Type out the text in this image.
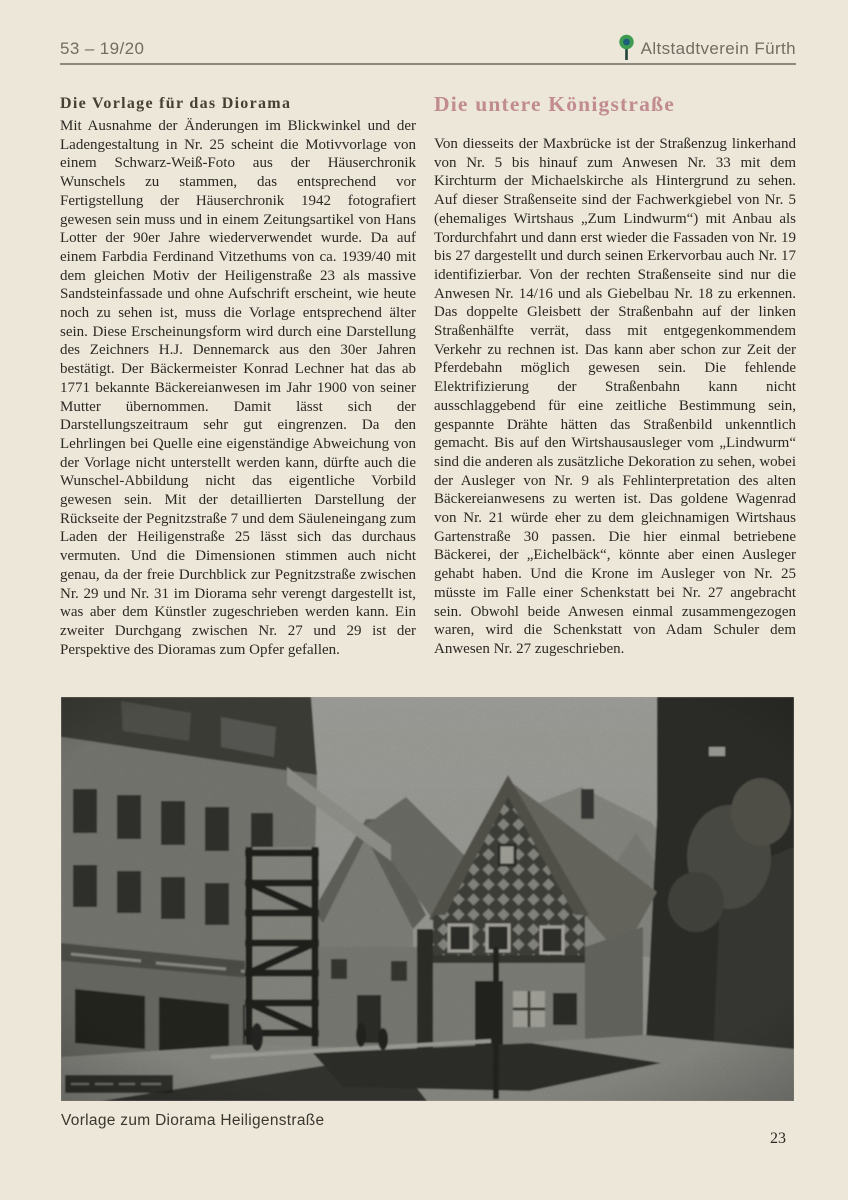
53 – 19/20	Altstadtverein Fürth
Die Vorlage für das Diorama

Mit Ausnahme der Änderungen im Blickwinkel und der Ladengestaltung in Nr. 25 scheint die Motivvorlage von einem Schwarz-Weiß-Foto aus der Häuserchronik Wunschels zu stammen, das entsprechend vor Fertigstellung der Häuserchronik 1942 fotografiert gewesen sein muss und in einem Zeitungsartikel von Hans Lotter der 90er Jahre wiederverwendet wurde. Da auf einem Farbdia Ferdinand Vitzethums von ca. 1939/40 mit dem gleichen Motiv der Heiligenstraße 23 als massive Sandsteinfassade und ohne Aufschrift erscheint, wie heute noch zu sehen ist, muss die Vorlage entsprechend älter sein. Diese Erscheinungsform wird durch eine Darstellung des Zeichners H.J. Dennemarck aus den 30er Jahren bestätigt. Der Bäckermeister Konrad Lechner hat das ab 1771 bekannte Bäckereianwesen im Jahr 1900 von seiner Mutter übernommen. Damit lässt sich der Darstellungszeitraum sehr gut eingrenzen. Da den Lehrlingen bei Quelle eine eigenständige Abweichung von der Vorlage nicht unterstellt werden kann, dürfte auch die Wunschel-Abbildung nicht das eigentliche Vorbild gewesen sein. Mit der detaillierten Darstellung der Rückseite der Pegnitzstraße 7 und dem Säuleneingang zum Laden der Heiligenstraße 25 lässt sich das durchaus vermuten. Und die Dimensionen stimmen auch nicht genau, da der freie Durchblick zur Pegnitzstraße zwischen Nr. 29 und Nr. 31 im Diorama sehr verengt dargestellt ist, was aber dem Künstler zugeschrieben werden kann. Ein zweiter Durchgang zwischen Nr. 27 und 29 ist der Perspektive des Dioramas zum Opfer gefallen.

Die untere Königstraße

Von diesseits der Maxbrücke ist der Straßenzug linkerhand von Nr. 5 bis hinauf zum Anwesen Nr. 33 mit dem Kirchturm der Michaelskirche als Hintergrund zu sehen. Auf dieser Straßenseite sind der Fachwerkgiebel von Nr. 5 (ehemaliges Wirtshaus „Zum Lindwurm“) mit Anbau als Tordurchfahrt und dann erst wieder die Fassaden von Nr. 19 bis 27 dargestellt und durch seinen Erkervorbau auch Nr. 17 identifizierbar. Von der rechten Straßenseite sind nur die Anwesen Nr. 14/16 und als Giebelbau Nr. 18 zu erkennen. Das doppelte Gleisbett der Straßenbahn auf der linken Straßenhälfte verrät, dass mit entgegenkommendem Verkehr zu rechnen ist. Das kann aber schon zur Zeit der Pferdebahn möglich gewesen sein. Die fehlende Elektrifizierung der Straßenbahn kann nicht ausschlaggebend für eine zeitliche Bestimmung sein, gespannte Drähte hätten das Straßenbild unkenntlich gemacht. Bis auf den Wirtshausausleger vom „Lindwurm“ sind die anderen als zusätzliche Dekoration zu sehen, wobei der Ausleger von Nr. 9 als Fehlinterpretation des alten Bäckereianwesens zu werten ist. Das goldene Wagenrad von Nr. 21 würde eher zu dem gleichnamigen Wirtshaus Gartenstraße 30 passen. Die hier einmal betriebene Bäckerei, der „Eichelbäck“, könnte aber einen Ausleger gehabt haben. Und die Krone im Ausleger von Nr. 25 müsste im Falle einer Schenkstatt bei Nr. 27 angebracht sein. Obwohl beide Anwesen einmal zusammengezogen waren, wird die Schenkstatt von Adam Schuler dem Anwesen Nr. 27 zugeschrieben.

Vorlage zum Diorama Heiligenstraße
23
